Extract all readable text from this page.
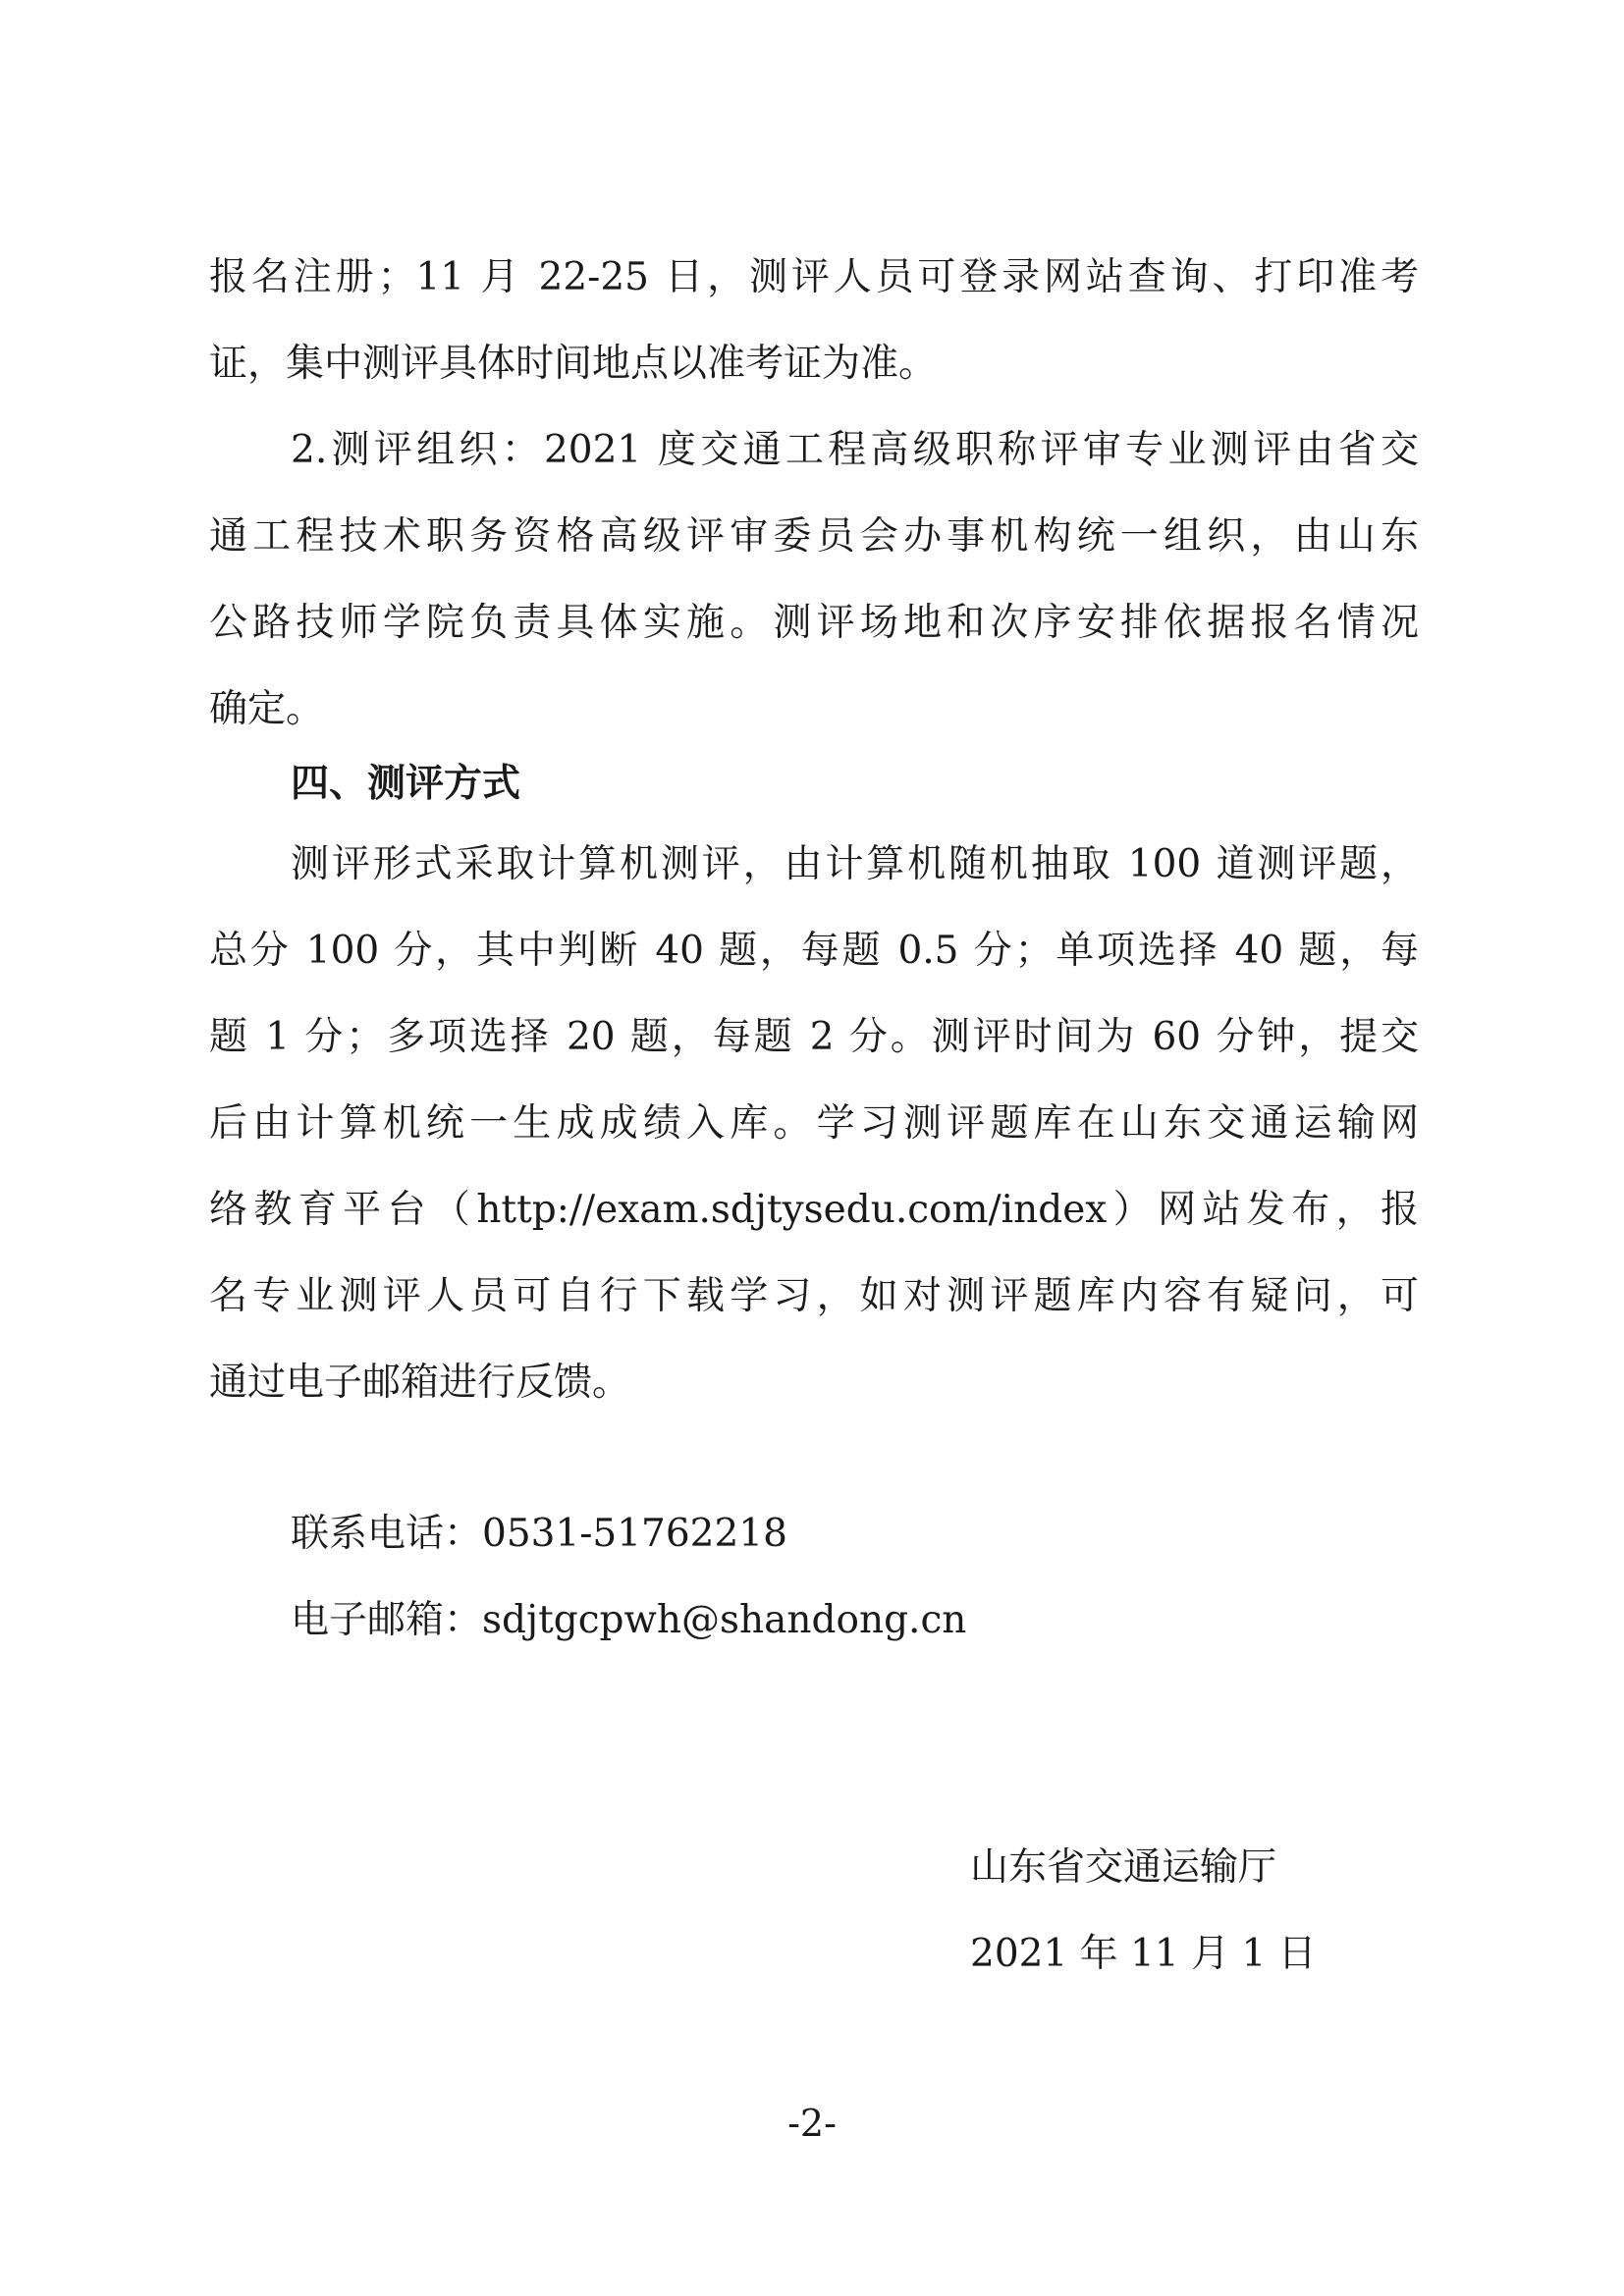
报名注册；11 月 22-25 日，测评人员可登录网站查询、打印准考
证，集中测评具体时间地点以准考证为准。
2.测评组织：2021 度交通工程高级职称评审专业测评由省交
通工程技术职务资格高级评审委员会办事机构统一组织，由山东
公路技师学院负责具体实施。测评场地和次序安排依据报名情况
确定。
四、测评方式
测评形式采取计算机测评，由计算机随机抽取 100 道测评题，
总分 100 分，其中判断 40 题，每题 0.5 分；单项选择 40 题，每
题 1 分；多项选择 20 题，每题 2 分。测评时间为 60 分钟，提交
后由计算机统一生成成绩入库。学习测评题库在山东交通运输网
络教育平台（http://exam.sdjtysedu.com/index）网站发布，报
名专业测评人员可自行下载学习，如对测评题库内容有疑问，可
通过电子邮箱进行反馈。
联系电话：0531-51762218
电子邮箱：sdjtgcpwh@shandong.cn
山东省交通运输厅
2021 年 11 月 1 日
-2-
